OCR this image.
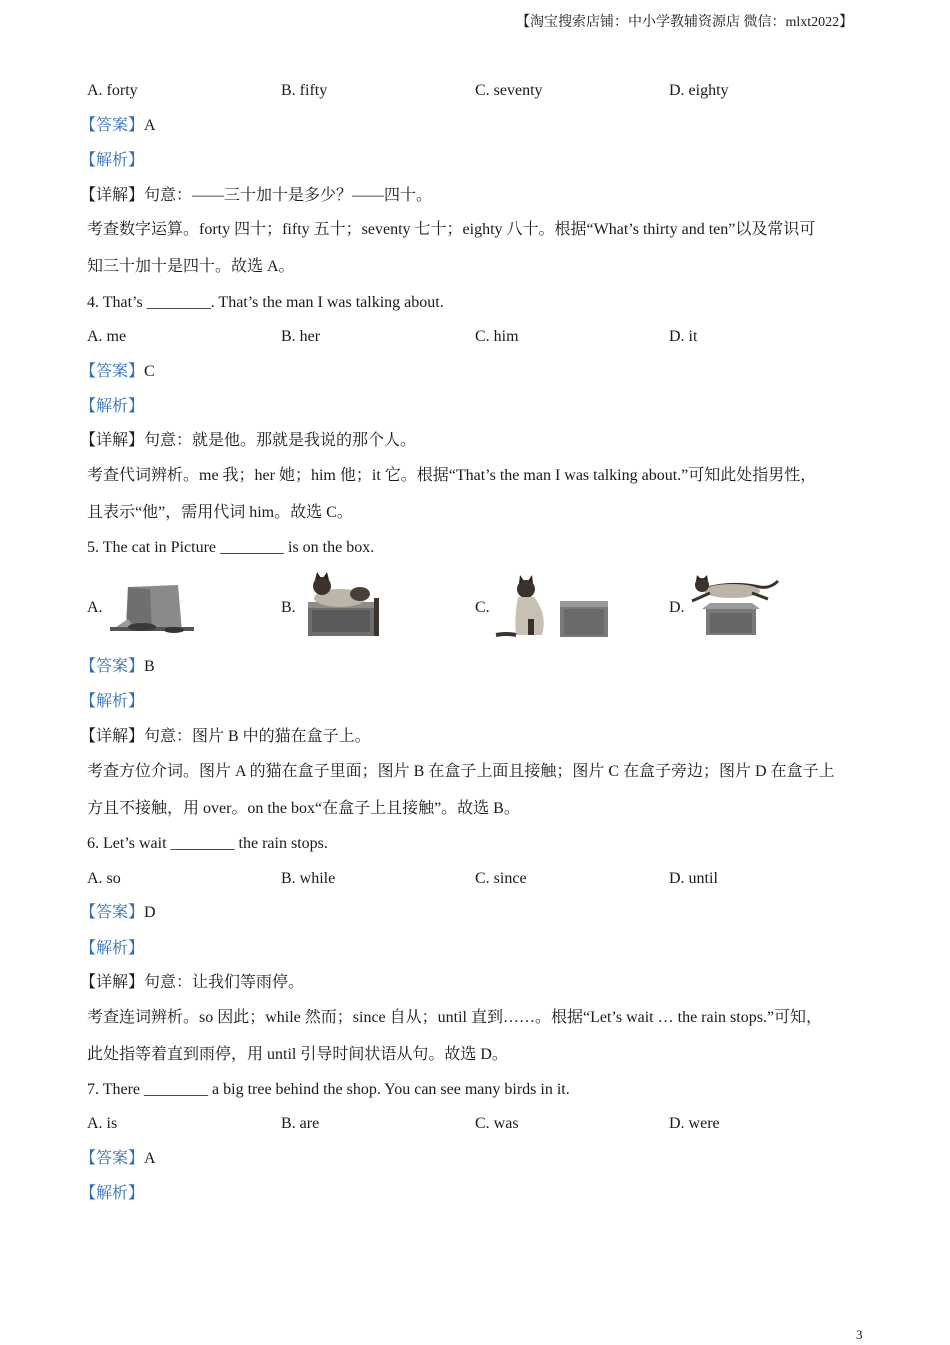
【淘宝搜索店铺：中小学教辅资源店 微信：mlxt2022】
A. forty	B. fifty	C. seventy	D. eighty
【答案】A
【解析】
【详解】句意：——三十加十是多少？——四十。
考查数字运算。forty 四十；fifty 五十；seventy 七十；eighty 八十。根据“What’s thirty and ten”以及常识可
知三十加十是四十。故选 A。
4. That’s ________. That’s the man I was talking about.
A. me	B. her	C. him	D. it
【答案】C
【解析】
【详解】句意：就是他。那就是我说的那个人。
考查代词辨析。me 我；her 她；him 他；it 它。根据“That’s the man I was talking about.”可知此处指男性，
且表示“他”，需用代词 him。故选 C。
5. The cat in Picture ________ is on the box.
A.	B.	C.	D.
【答案】B
【解析】
【详解】句意：图片 B 中的猫在盒子上。
考查方位介词。图片 A 的猫在盒子里面；图片 B 在盒子上面且接触；图片 C 在盒子旁边；图片 D 在盒子上
方且不接触，用 over。on the box“在盒子上且接触”。故选 B。
6. Let’s wait ________ the rain stops.
A. so	B. while	C. since	D. until
【答案】D
【解析】
【详解】句意：让我们等雨停。
考查连词辨析。so 因此；while 然而；since 自从；until 直到……。根据“Let’s wait … the rain stops.”可知，
此处指等着直到雨停，用 until 引导时间状语从句。故选 D。
7. There ________ a big tree behind the shop. You can see many birds in it.
A. is	B. are	C. was	D. were
【答案】A
【解析】
3
